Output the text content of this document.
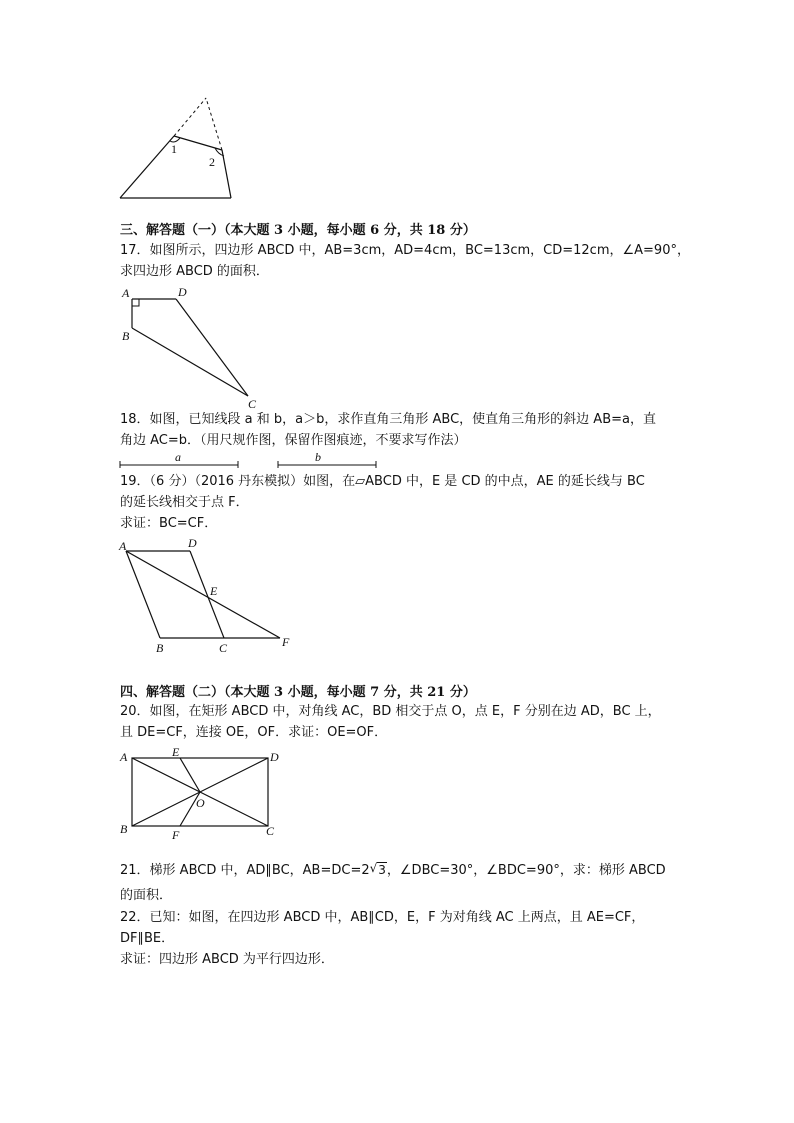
1
2
三、解答题（一）（本大题 3 小题，每小题 6 分，共 18 分）
17．如图所示，四边形 ABCD 中，AB=3cm，AD=4cm，BC=13cm，CD=12cm，∠A=90°，
求四边形 ABCD 的面积．
A	D
B
C
18．如图，已知线段 a 和 b，a＞b，求作直角三角形 ABC，使直角三角形的斜边 AB=a，直
角边 AC=b．（用尺规作图，保留作图痕迹，不要求写作法）
a	b
19．（6 分）（2016 丹东模拟）如图，在▱ABCD 中，E 是 CD 的中点，AE 的延长线与 BC
的延长线相交于点 F．
求证：BC=CF．
A	D
E
B	C	F
四、解答题（二）（本大题 3 小题，每小题 7 分，共 21 分）
20．如图，在矩形 ABCD 中，对角线 AC，BD 相交于点 O，点 E，F 分别在边 AD，BC 上，
且 DE=CF，连接 OE，OF．求证：OE=OF．
A	E	D
O
B	F	C
21．梯形 ABCD 中，AD∥BC，AB=DC=2√3，∠DBC=30°，∠BDC=90°，求：梯形 ABCD
的面积．
22．已知：如图，在四边形 ABCD 中，AB∥CD，E，F 为对角线 AC 上两点，且 AE=CF，
DF∥BE．
求证：四边形 ABCD 为平行四边形．
